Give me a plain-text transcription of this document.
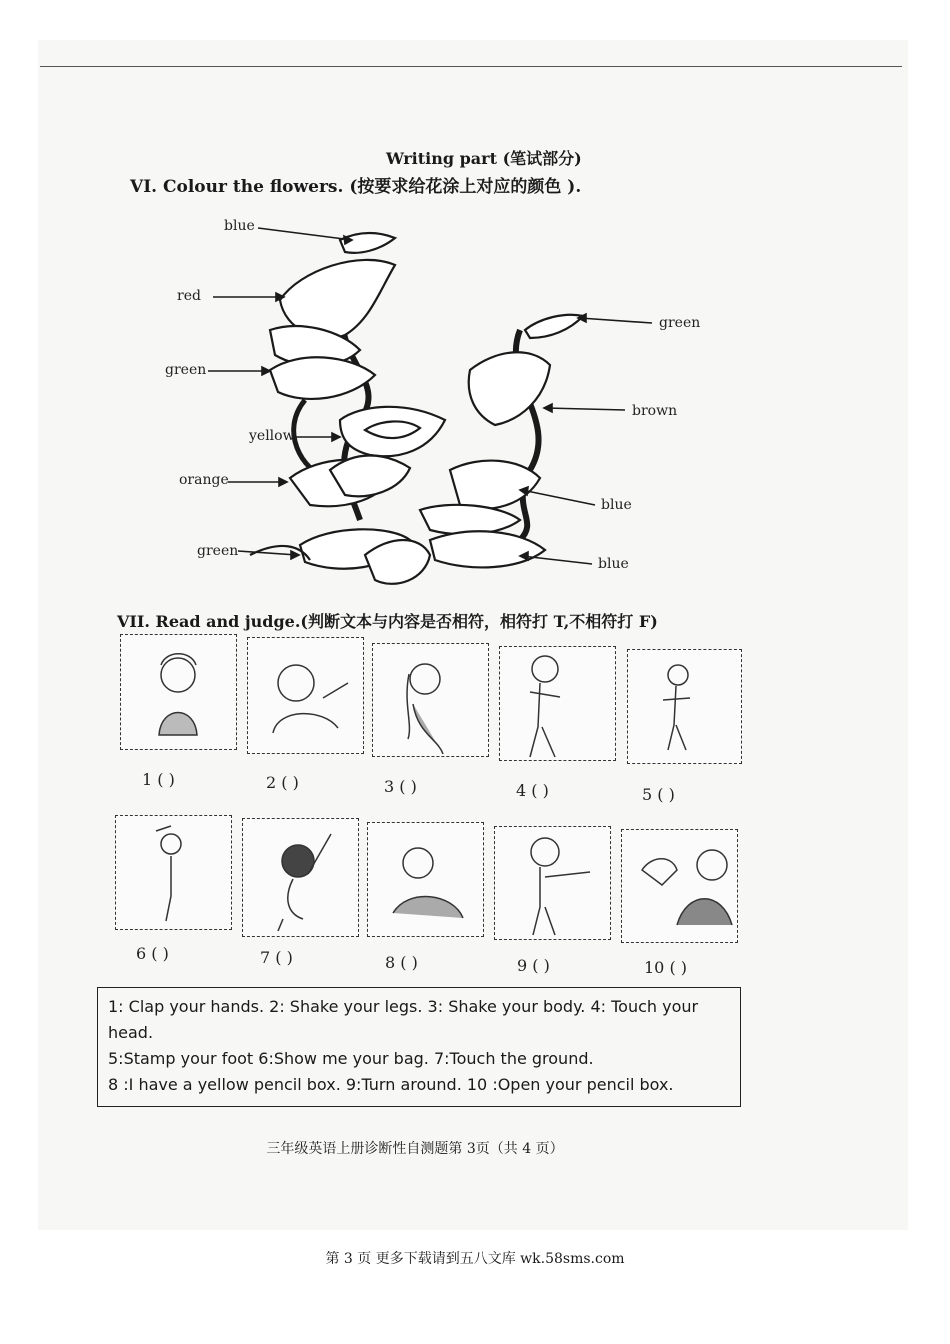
Writing part (笔试部分)
VI. Colour the flowers. (按要求给花涂上对应的颜色 ).
blue
red
green
yellow
orange
green
green
brown
blue
blue
VII. Read and judge.(判断文本与内容是否相符，相符打 T,不相符打 F)
1 ( )	2 ( )	3 ( )	4 ( )	5 ( )
6 ( )	7 ( )	8 ( )	9 ( )	10 ( )
1: Clap your hands. 2: Shake your legs. 3: Shake your body. 4: Touch your head.
5:Stamp your foot 6:Show me your bag. 7:Touch the ground.
8 :I have a yellow pencil box. 9:Turn around. 10 :Open your pencil box.
三年级英语上册诊断性自测题第 3页（共 4 页）
第 3 页 更多下载请到五八文库 wk.58sms.com
